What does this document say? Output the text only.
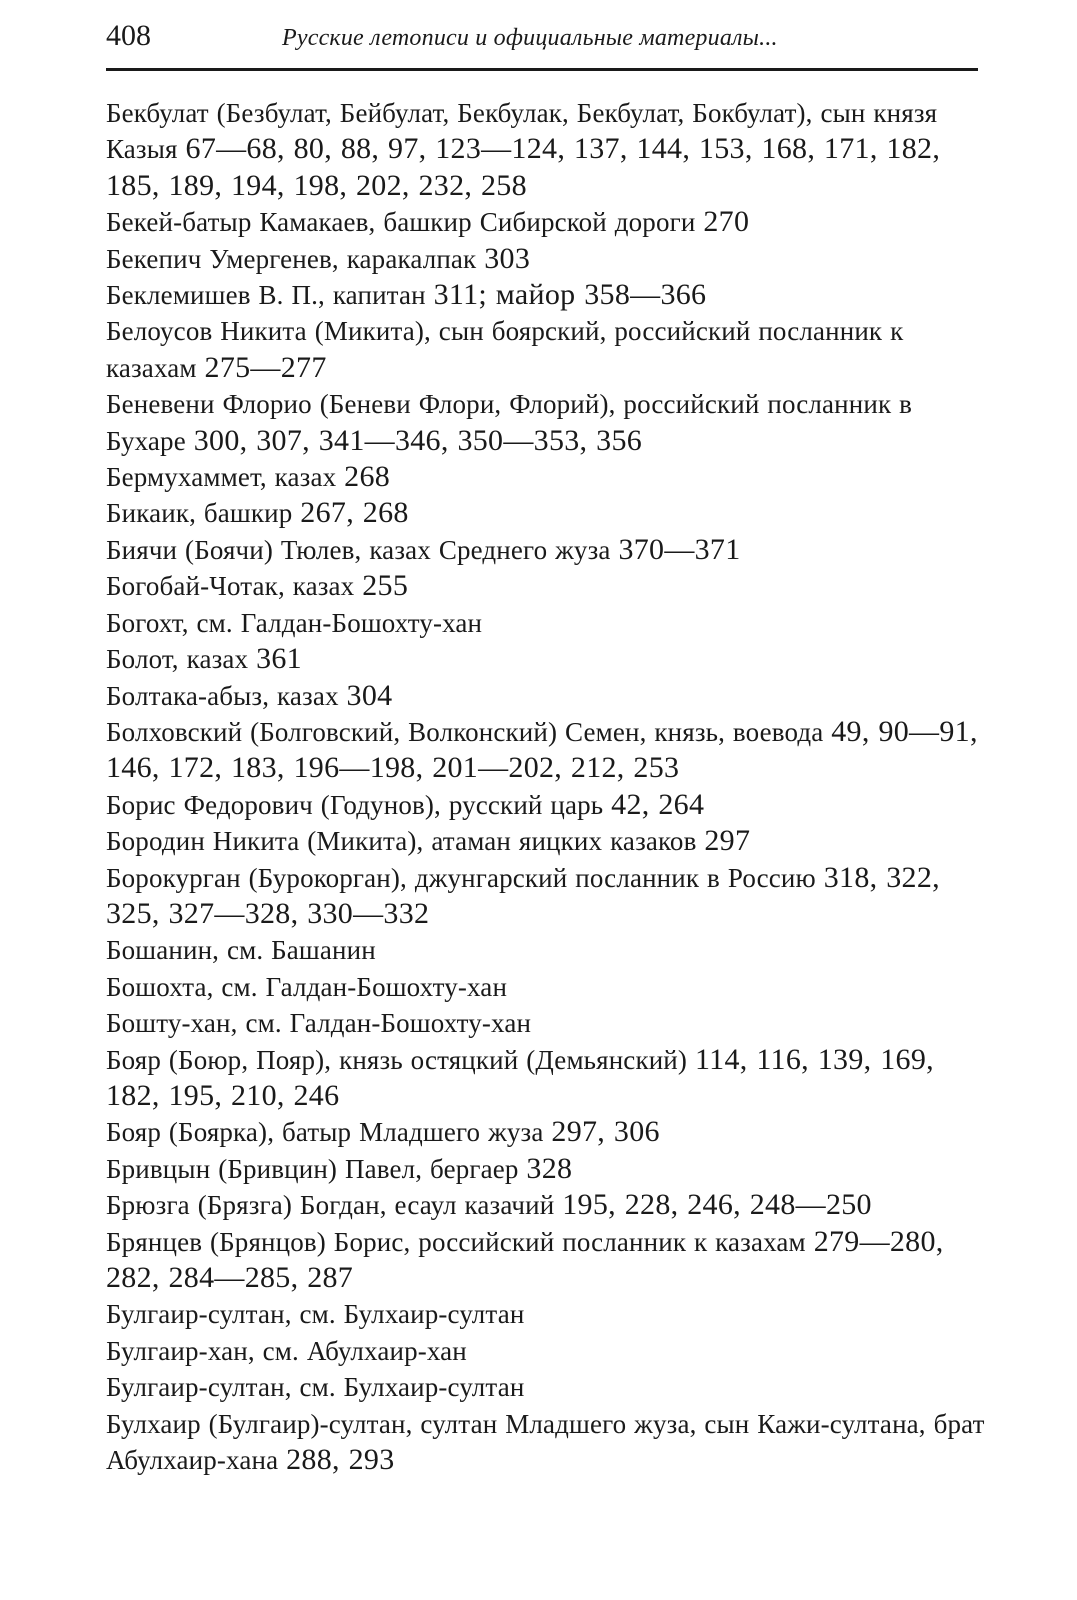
408	Русские летописи и официальные материалы...
Бекбулат (Безбулат, Бейбулат, Бекбулак, Бекбулат, Бокбулат), сын князя Казыя 67—68, 80, 88, 97, 123—124, 137, 144, 153, 168, 171, 182, 185, 189, 194, 198, 202, 232, 258
Бекей-батыр Камакаев, башкир Сибирской дороги 270
Бекепич Умергенев, каракалпак 303
Беклемишев В. П., капитан 311; майор 358—366
Белоусов Никита (Микита), сын боярский, российский посланник к казахам 275—277
Беневени Флорио (Беневи Флори, Флорий), российский посланник в Бухаре 300, 307, 341—346, 350—353, 356
Бермухаммет, казах 268
Бикаик, башкир 267, 268
Биячи (Боячи) Тюлев, казах Среднего жуза 370—371
Богобай-Чотак, казах 255
Богохт, см. Галдан-Бошохту-хан
Болот, казах 361
Болтака-абыз, казах 304
Болховский (Болговский, Волконский) Семен, князь, воевода 49, 90—91, 146, 172, 183, 196—198, 201—202, 212, 253
Борис Федорович (Годунов), русский царь 42, 264
Бородин Никита (Микита), атаман яицких казаков 297
Борокурган (Бурокорган), джунгарский посланник в Россию 318, 322, 325, 327—328, 330—332
Бошанин, см. Башанин
Бошохта, см. Галдан-Бошохту-хан
Бошту-хан, см. Галдан-Бошохту-хан
Бояр (Боюр, Пояр), князь остяцкий (Демьянский) 114, 116, 139, 169, 182, 195, 210, 246
Бояр (Боярка), батыр Младшего жуза 297, 306
Бривцын (Бривцин) Павел, бергаер 328
Брюзга (Брязга) Богдан, есаул казачий 195, 228, 246, 248—250
Брянцев (Брянцов) Борис, российский посланник к казахам 279—280, 282, 284—285, 287
Булгаир-султан, см. Булхаир-султан
Булгаир-хан, см. Абулхаир-хан
Булгаир-султан, см. Булхаир-султан
Булхаир (Булгаир)-султан, султан Младшего жуза, сын Кажи-султана, брат Абулхаир-хана 288, 293
